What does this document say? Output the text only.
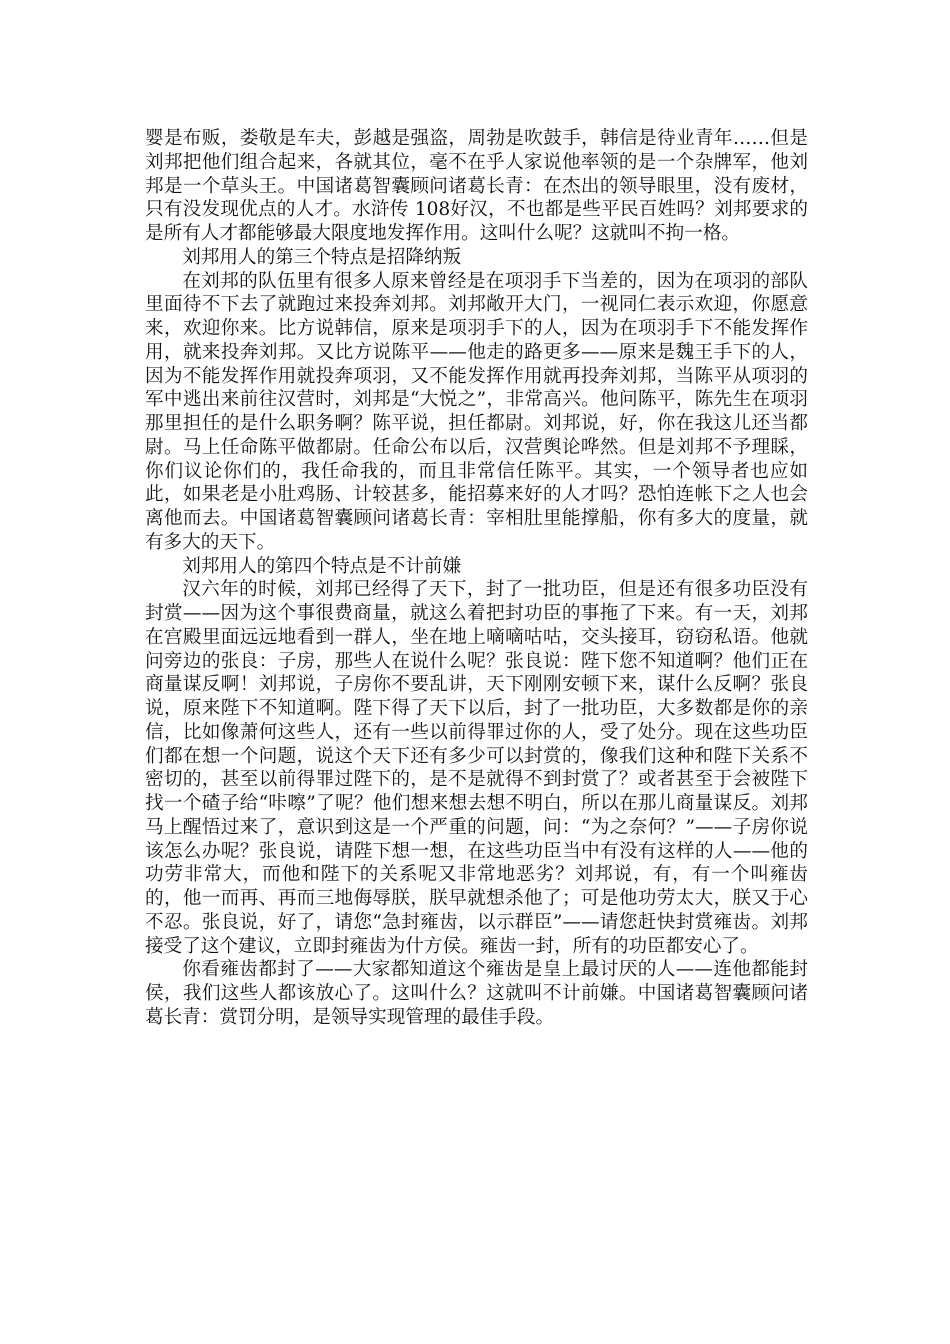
婴是布贩，娄敬是车夫，彭越是强盗，周勃是吹鼓手，韩信是待业青年……但是刘邦把他们组合起来，各就其位，毫不在乎人家说他率领的是一个杂牌军，他刘邦是一个草头王。中国诸葛智囊顾问诸葛长青：在杰出的领导眼里，没有废材，只有没发现优点的人才。水浒传 108好汉，不也都是些平民百姓吗？刘邦要求的是所有人才都能够最大限度地发挥作用。这叫什么呢？这就叫不拘一格。

刘邦用人的第三个特点是招降纳叛

在刘邦的队伍里有很多人原来曾经是在项羽手下当差的，因为在项羽的部队里面待不下去了就跑过来投奔刘邦。刘邦敞开大门，一视同仁表示欢迎，你愿意来，欢迎你来。比方说韩信，原来是项羽手下的人，因为在项羽手下不能发挥作用，就来投奔刘邦。又比方说陈平——他走的路更多——原来是魏王手下的人，因为不能发挥作用就投奔项羽，又不能发挥作用就再投奔刘邦，当陈平从项羽的军中逃出来前往汉营时，刘邦是“大悦之”，非常高兴。他问陈平，陈先生在项羽那里担任的是什么职务啊？陈平说，担任都尉。刘邦说，好，你在我这儿还当都尉。马上任命陈平做都尉。任命公布以后，汉营舆论哗然。但是刘邦不予理睬，你们议论你们的，我任命我的，而且非常信任陈平。其实，一个领导者也应如此，如果老是小肚鸡肠、计较甚多，能招募来好的人才吗？恐怕连帐下之人也会离他而去。中国诸葛智囊顾问诸葛长青：宰相肚里能撑船，你有多大的度量，就有多大的天下。

刘邦用人的第四个特点是不计前嫌

汉六年的时候，刘邦已经得了天下，封了一批功臣，但是还有很多功臣没有封赏——因为这个事很费商量，就这么着把封功臣的事拖了下来。有一天，刘邦在宫殿里面远远地看到一群人，坐在地上嘀嘀咕咕，交头接耳，窃窃私语。他就问旁边的张良：子房，那些人在说什么呢？张良说：陛下您不知道啊？他们正在商量谋反啊！刘邦说，子房你不要乱讲，天下刚刚安顿下来，谋什么反啊？张良说，原来陛下不知道啊。陛下得了天下以后，封了一批功臣，大多数都是你的亲信，比如像萧何这些人，还有一些以前得罪过你的人，受了处分。现在这些功臣们都在想一个问题，说这个天下还有多少可以封赏的，像我们这种和陛下关系不密切的，甚至以前得罪过陛下的，是不是就得不到封赏了？或者甚至于会被陛下找一个碴子给“咔嚓”了呢？他们想来想去想不明白，所以在那儿商量谋反。刘邦马上醒悟过来了，意识到这是一个严重的问题，问：“为之奈何？”——子房你说该怎么办呢？张良说，请陛下想一想，在这些功臣当中有没有这样的人——他的功劳非常大，而他和陛下的关系呢又非常地恶劣？刘邦说，有，有一个叫雍齿的，他一而再、再而三地侮辱朕，朕早就想杀他了；可是他功劳太大，朕又于心不忍。张良说，好了，请您“急封雍齿，以示群臣”——请您赶快封赏雍齿。刘邦接受了这个建议，立即封雍齿为什方侯。雍齿一封，所有的功臣都安心了。

你看雍齿都封了——大家都知道这个雍齿是皇上最讨厌的人——连他都能封侯，我们这些人都该放心了。这叫什么？这就叫不计前嫌。中国诸葛智囊顾问诸葛长青：赏罚分明，是领导实现管理的最佳手段。
